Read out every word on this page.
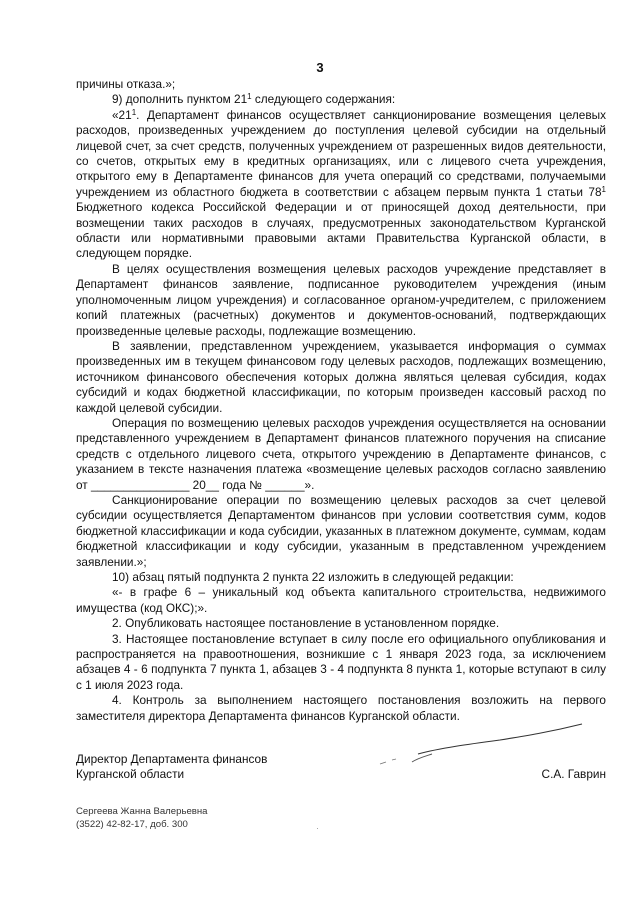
3

причины отказа.»;

9) дополнить пунктом $21^1$ следующего содержания:

«$21^1$. Департамент финансов осуществляет санкционирование возмещения целевых расходов, произведенных учреждением до поступления целевой субсидии на отдельный лицевой счет, за счет средств, полученных учреждением от разрешенных видов деятельности, со счетов, открытых ему в кредитных организациях, или с лицевого счета учреждения, открытого ему в Департаменте финансов для учета операций со средствами, получаемыми учреждением из областного бюджета в соответствии с абзацем первым пункта 1 статьи $78^1$ Бюджетного кодекса Российской Федерации и от приносящей доход деятельности, при возмещении таких расходов в случаях, предусмотренных законодательством Курганской области или нормативными правовыми актами Правительства Курганской области, в следующем порядке.

В целях осуществления возмещения целевых расходов учреждение представляет в Департамент финансов заявление, подписанное руководителем учреждения (иным уполномоченным лицом учреждения) и согласованное органом-учредителем, с приложением копий платежных (расчетных) документов и документов-оснований, подтверждающих произведенные целевые расходы, подлежащие возмещению.

В заявлении, представленном учреждением, указывается информация о суммах произведенных им в текущем финансовом году целевых расходов, подлежащих возмещению, источником финансового обеспечения которых должна являться целевая субсидия, кодах субсидий и кодах бюджетной классификации, по которым произведен кассовый расход по каждой целевой субсидии.

Операция по возмещению целевых расходов учреждения осуществляется на основании представленного учреждением в Департамент финансов платежного поручения на списание средств с отдельного лицевого счета, открытого учреждению в Департаменте финансов, с указанием в тексте назначения платежа «возмещение целевых расходов согласно заявлению от _______________ 20__ года № ______».

Санкционирование операции по возмещению целевых расходов за счет целевой субсидии осуществляется Департаментом финансов при условии соответствия сумм, кодов бюджетной классификации и кода субсидии, указанных в платежном документе, суммам, кодам бюджетной классификации и коду субсидии, указанным в представленном учреждением заявлении.»;

10) абзац пятый подпункта 2 пункта 22 изложить в следующей редакции:

«- в графе 6 – уникальный код объекта капитального строительства, недвижимого имущества (код ОКС);».

2. Опубликовать настоящее постановление в установленном порядке.

3. Настоящее постановление вступает в силу после его официального опубликования и распространяется на правоотношения, возникшие с 1 января 2023 года, за исключением абзацев 4 - 6 подпункта 7 пункта 1, абзацев 3 - 4 подпункта 8 пункта 1, которые вступают в силу с 1 июля 2023 года.

4. Контроль за выполнением настоящего постановления возложить на первого заместителя директора Департамента финансов Курганской области.

Директор Департамента финансов
Курганской области	С.А. Гаврин
Сергеева Жанна Валерьевна
(3522) 42-82-17, доб. 300	·
